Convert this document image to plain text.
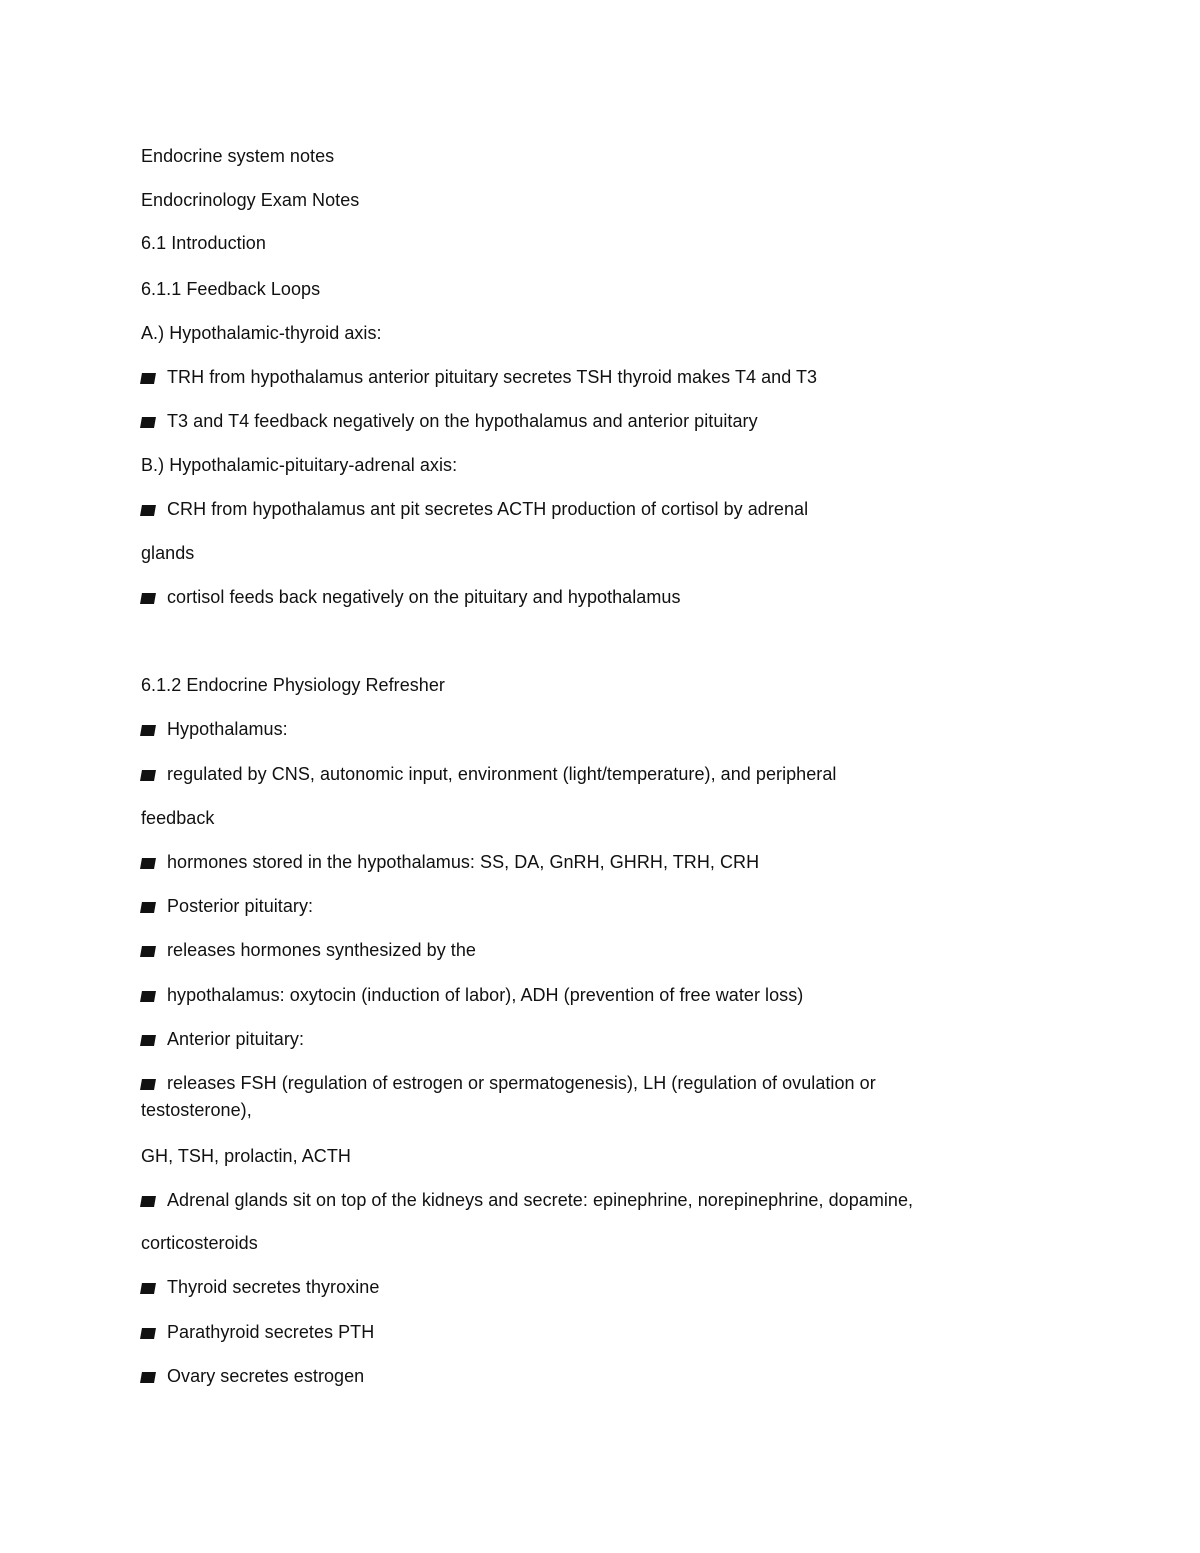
Endocrine system notes
Endocrinology Exam Notes
6.1 Introduction
6.1.1 Feedback Loops
A.) Hypothalamic-thyroid axis:
TRH from hypothalamus anterior pituitary secretes TSH thyroid makes T4 and T3
T3 and T4 feedback negatively on the hypothalamus and anterior pituitary
B.) Hypothalamic-pituitary-adrenal axis:
CRH from hypothalamus ant pit secretes ACTH production of cortisol by adrenal
glands
cortisol feeds back negatively on the pituitary and hypothalamus
6.1.2 Endocrine Physiology Refresher
Hypothalamus:
regulated by CNS, autonomic input, environment (light/temperature), and peripheral
feedback
hormones stored in the hypothalamus: SS, DA, GnRH, GHRH, TRH, CRH
Posterior pituitary:
releases hormones synthesized by the
hypothalamus: oxytocin (induction of labor), ADH (prevention of free water loss)
Anterior pituitary:
releases FSH (regulation of estrogen or spermatogenesis), LH (regulation of ovulation or
testosterone),
GH, TSH, prolactin, ACTH
Adrenal glands sit on top of the kidneys and secrete: epinephrine, norepinephrine, dopamine,
corticosteroids
Thyroid secretes thyroxine
Parathyroid secretes PTH
Ovary secretes estrogen
